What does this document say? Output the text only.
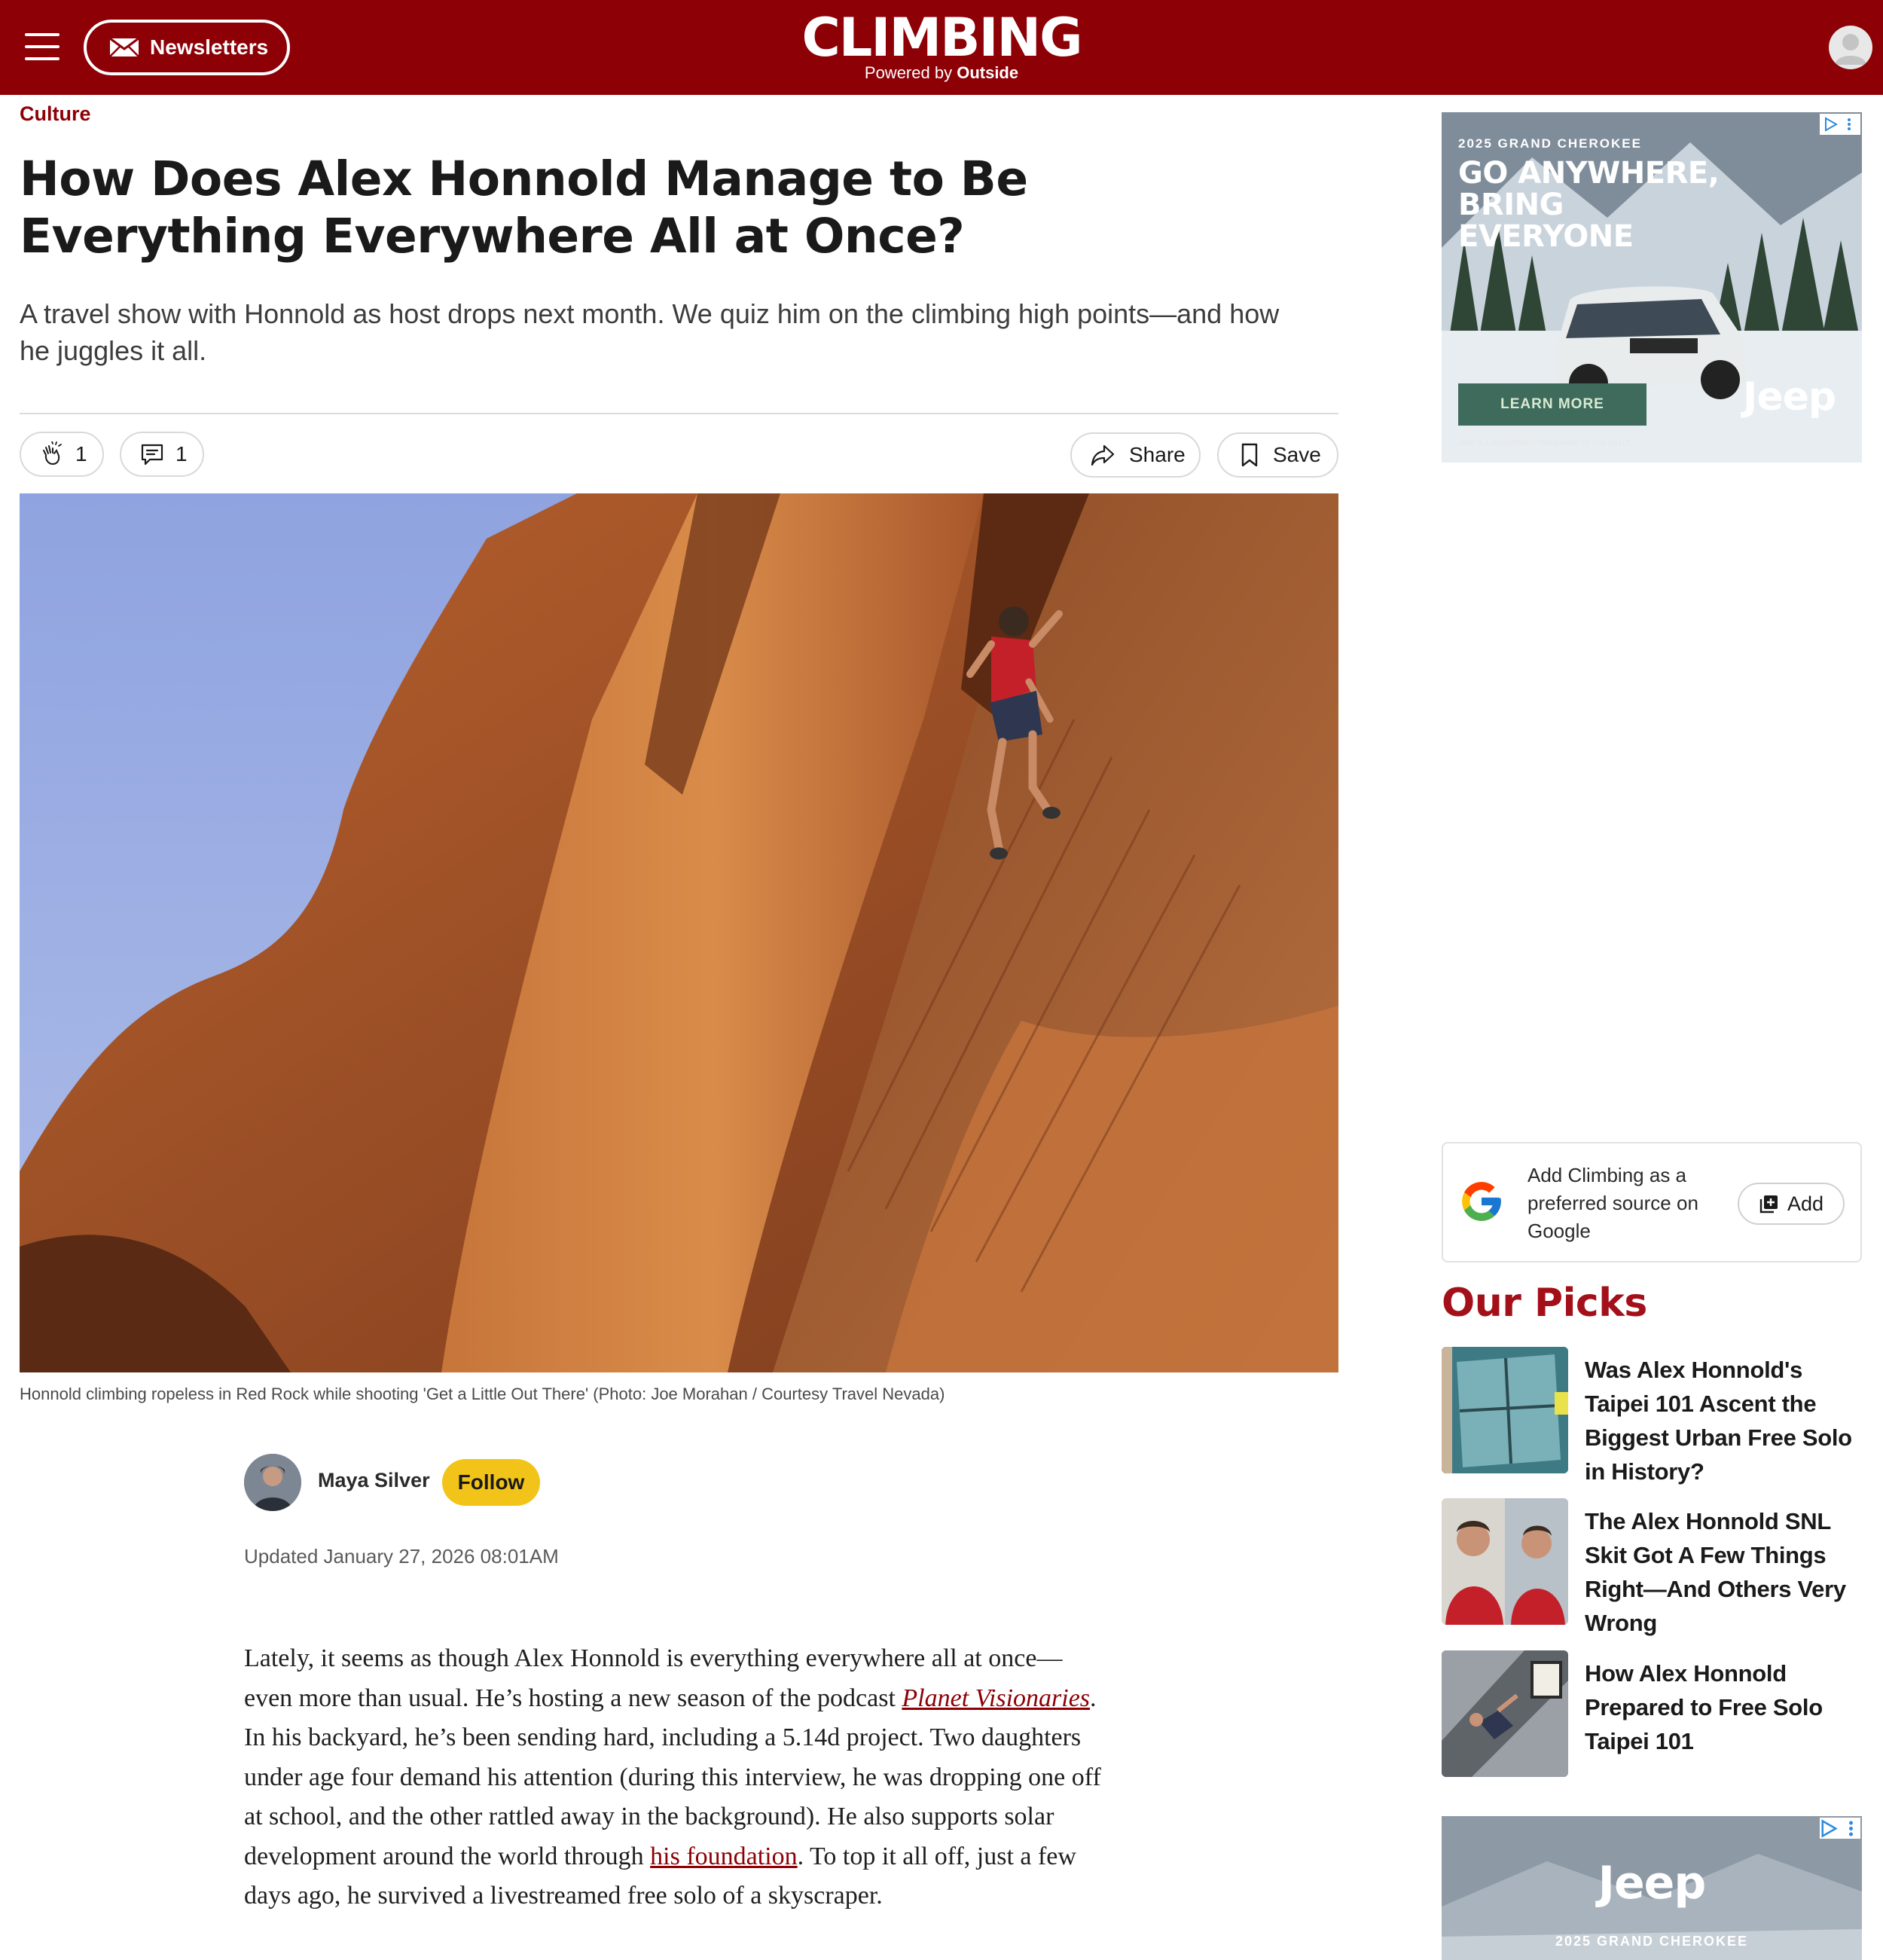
Newsletters	CLIMBING
Powered by Outside
Culture
How Does Alex Honnold Manage to Be Everything Everywhere All at Once?

A travel show with Honnold as host drops next month. We quiz him on the climbing high points—and how he juggles it all.

1	1	Share	Save
Honnold climbing ropeless in Red Rock while shooting 'Get a Little Out There' (Photo: Joe Morahan / Courtesy Travel Nevada)
Maya Silver	Follow
Updated January 27, 2026 08:01AM

Lately, it seems as though Alex Honnold is everything everywhere all at once—even more than usual. He’s hosting a new season of the podcast Planet Visionaries. In his backyard, he’s been sending hard, including a 5.14d project. Two daughters under age four demand his attention (during this interview, he was dropping one off at school, and the other rattled away in the background). He also supports solar development around the world through his foundation. To top it all off, just a few days ago, he survived a livestreamed free solo of a skyscraper.

2025 GRAND CHEROKEE
GO ANYWHERE, BRING EVERYONE
LEARN MORE	Jeep
JEEP IS A REGISTERED TRADEMARK OF FCA US LLC
Add Climbing as a preferred source on Google
Add
Our Picks
Was Alex Honnold's Taipei 101 Ascent the Biggest Urban Free Solo in History?
The Alex Honnold SNL Skit Got A Few Things Right—And Others Very Wrong
How Alex Honnold Prepared to Free Solo Taipei 101
Jeep
2025 GRAND CHEROKEE
